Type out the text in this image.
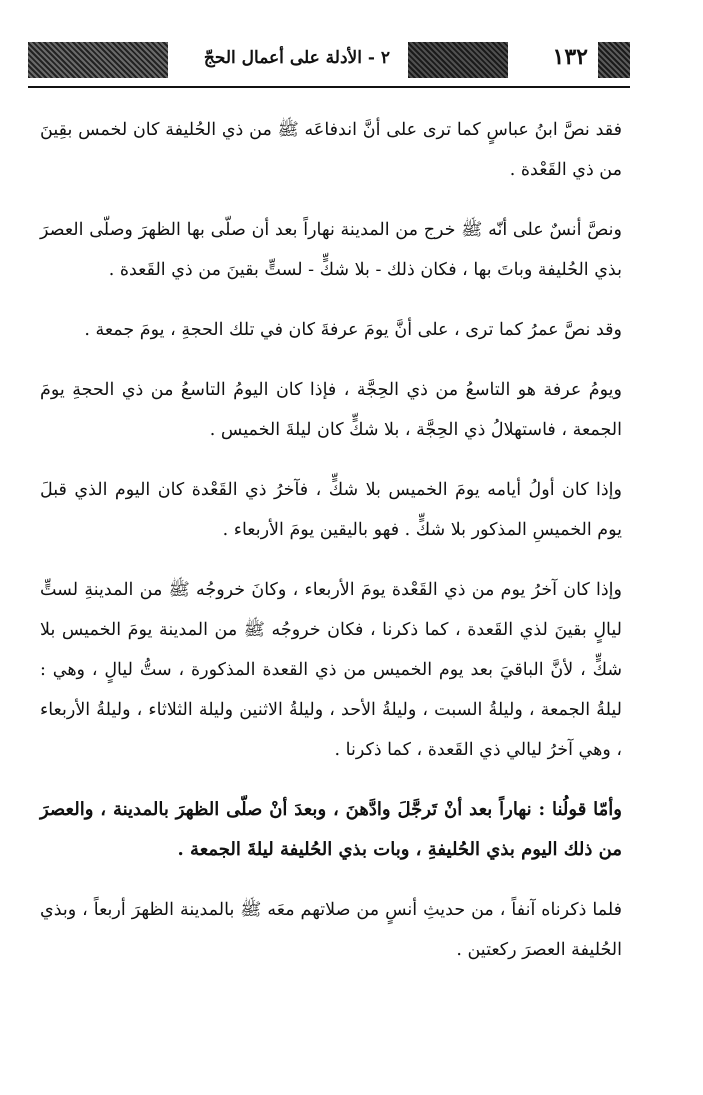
١٣٢
٢ - الأدلة على أعمال الحجّ

فقد نصَّ ابنُ عباسٍ كما ترى على أنَّ اندفاعَه ﷺ من ذي الحُليفة كان لخمس بقِينَ من ذي القَعْدة .

ونصَّ أنسٌ على أنّه ﷺ خرج من المدينة نهاراً بعد أن صلّى بها الظهرَ وصلّى العصرَ بذي الحُليفة وباتَ بها ، فكان ذلك - بلا شكٍّ - لستٍّ بقينَ من ذي القَعدة .

وقد نصَّ عمرُ كما ترى ، على أنَّ يومَ عرفةَ كان في تلك الحجةِ ، يومَ جمعة .

ويومُ عرفة هو التاسعُ من ذي الحِجَّة ، فإذا كان اليومُ التاسعُ من ذي الحجةِ يومَ الجمعة ، فاستهلالُ ذي الحِجَّة ، بلا شكٍّ كان ليلةَ الخميس .

وإذا كان أولُ أيامه يومَ الخميس بلا شكٍّ ، فآخرُ ذي القَعْدة كان اليوم الذي قبلَ يوم الخميسِ المذكور بلا شكٍّ . فهو باليقين يومَ الأربعاء .

وإذا كان آخرُ يوم من ذي القَعْدة يومَ الأربعاء ، وكانَ خروجُه ﷺ من المدينةِ لستٍّ ليالٍ بقينَ لذي القَعدة ، كما ذكرنا ، فكان خروجُه ﷺ من المدينة يومَ الخميس بلا شكٍّ ، لأنَّ الباقيَ بعد يوم الخميس من ذي القعدة المذكورة ، ستُّ ليالٍ ، وهي : ليلةُ الجمعة ، وليلةُ السبت ، وليلةُ الأحد ، وليلةُ الاثنين وليلة الثلاثاء ، وليلةُ الأربعاء ، وهي آخرُ ليالي ذي القَعدة ، كما ذكرنا .

وأمّا قولُنا : نهاراً بعد أنْ تَرجَّلَ وادَّهنَ ، وبعدَ أنْ صلّى الظهرَ بالمدينة ، والعصرَ من ذلك اليوم بذي الحُليفةِ ، وبات بذي الحُليفة ليلةَ الجمعة .

فلما ذكرناه آنفاً ، من حديثِ أنسٍ من صلاتهم معَه ﷺ بالمدينة الظهرَ أربعاً ، وبذي الحُليفة العصرَ ركعتين .
